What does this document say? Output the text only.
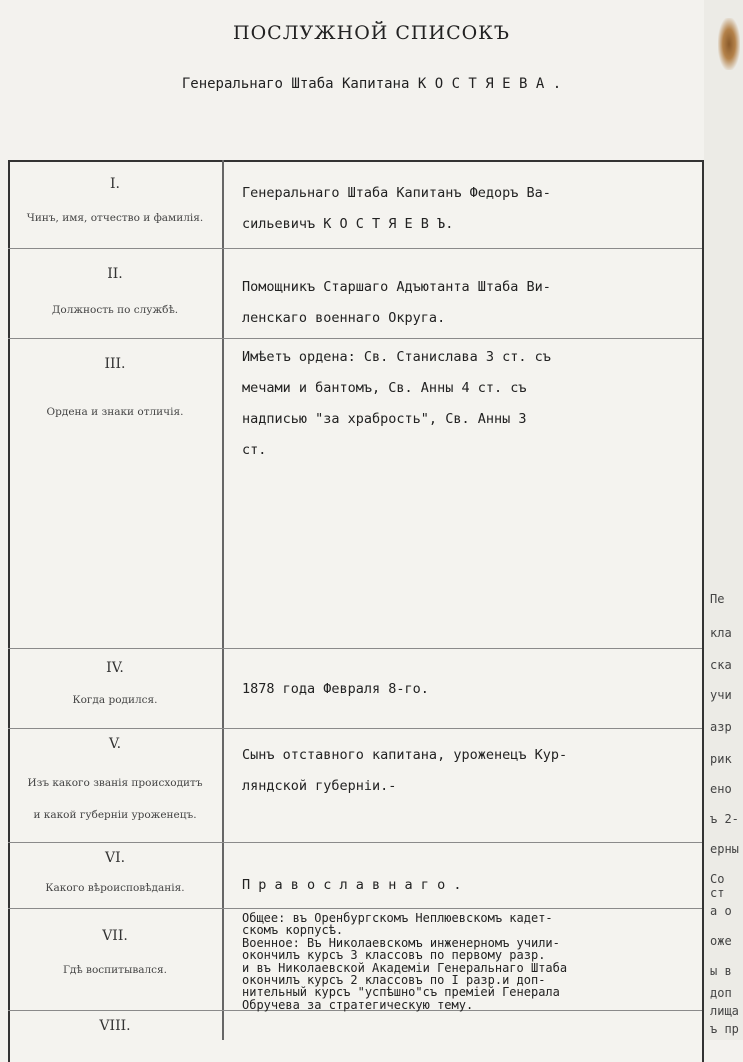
ПОСЛУЖНОЙ СПИСОКЪ
Генеральнаго Штаба Капитана К О С Т Я Е В А .
Пе
кла
ска
учи
азр
рик
ено
ъ 2-
ерны
Со ст
а о
оже
ы в
доп
лища
ъ пр
I.
Чинъ, имя, отчество и фамилія.
Генеральнаго Штаба Капитанъ Федоръ Ва-
сильевичъ К О С Т Я Е В Ъ.
II.
Должность по службѣ.
Помощникъ Старшаго Адъютанта Штаба Ви-
ленскаго военнаго Округа.
III.
Ордена и знаки отличія.
Имѣетъ ордена: Св. Станислава 3 ст. съ
мечами и бантомъ, Св. Анны 4 ст. съ
надписью "за храбрость", Св. Анны 3
ст.
IV.
Когда родился.
1878 года Февраля 8-го.
V.
Изъ какого званія происходитъ
и какой губерніи уроженецъ.
Сынъ отставного капитана, уроженецъ Кур-
ляндской губерніи.-
VI.
Какого вѣроисповѣданія.	П р а в о с л а в н а г о .
VII.
Гдѣ воспитывался.
Общее: въ Оренбургскомъ Неплюевскомъ кадет-
скомъ корпусѣ.
Военное: Въ Николаевскомъ инженерномъ учили-
окончилъ курсъ 3 классовъ по первому разр.
и въ Николаевской Академіи Генеральнаго Штаба
окончилъ курсъ 2 классовъ по I разр.и доп-
нительный курсъ "успѣшно"съ преміей Генерала
Обручева за стратегическую тему.
VIII.
